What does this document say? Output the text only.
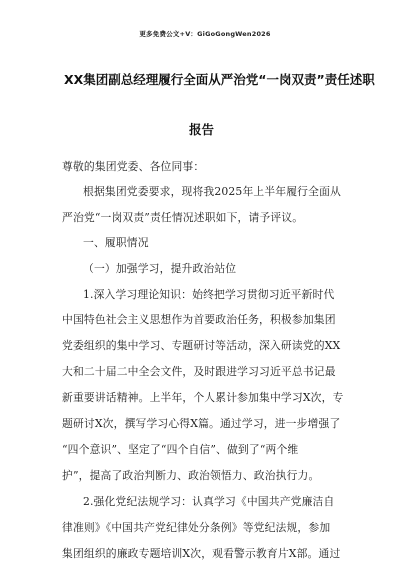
更多免费公文+V：GiGoGongWen2026
XX集团副总经理履行全面从严治党“一岗双责”责任述职
报告
尊敬的集团党委、各位同事：
根据集团党委要求，现将我2025年上半年履行全面从
严治党“一岗双责”责任情况述职如下，请予评议。
一、履职情况
（一）加强学习，提升政治站位
1.深入学习理论知识：始终把学习贯彻习近平新时代
中国特色社会主义思想作为首要政治任务，积极参加集团
党委组织的集中学习、专题研讨等活动，深入研读党的XX
大和二十届二中全会文件，及时跟进学习习近平总书记最
新重要讲话精神。上半年，个人累计参加集中学习X次，专
题研讨X次，撰写学习心得X篇。通过学习，进一步增强了
“四个意识”、坚定了“四个自信”、做到了“两个维
护”，提高了政治判断力、政治领悟力、政治执行力。
2.强化党纪法规学习：认真学习《中国共产党廉洁自
律准则》《中国共产党纪律处分条例》等党纪法规，参加
集团组织的廉政专题培训X次，观看警示教育片X部。通过
